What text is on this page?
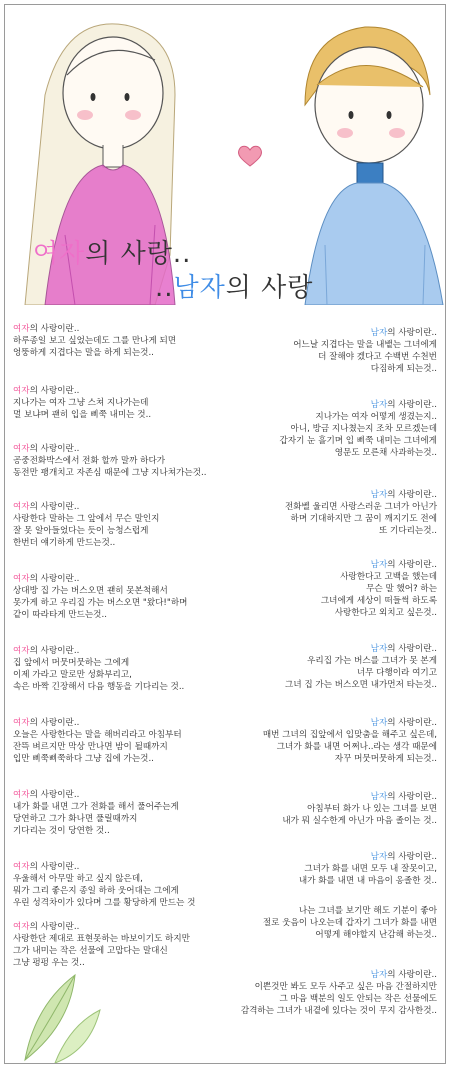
여자의 사랑..
..남자의 사랑
여자의 사랑이란..
하루종일 보고 싶었는데도 그를 만나게 되면
엉뚱하게 지겹다는 말을 하게 되는것..
남자의 사랑이란..
어느날 지겹다는 말을 내뱉는 그녀에게
더 잘해야 겠다고 수백번 수천번
다짐하게 되는것..
여자의 사랑이란..
지나가는 여자 그냥 스쳐 지나가는데
멀 보냐며 괜히 입을 삐쭉 내미는 것..
남자의 사랑이란..
지나가는 여자 어떻게 생겼는지..
아니, 방금 지나쳤는지 조차 모르겠는데
갑자기 눈 흘기며 입 삐쭉 내미는 그녀에게
영문도 모른채 사과하는것..
여자의 사랑이란..
공중전화박스에서 전화 할까 말까 하다가
동전만 팽개치고 자존심 때문에 그냥 지나쳐가는것..
남자의 사랑이란..
전화벨 울리면 사랑스러운 그녀가 아닌가
하며 기대하지만 그 꿈이 깨지기도 전에
또 기다리는것..
여자의 사랑이란..
사랑한다 말하는 그 앞에서 무슨 말인지
잘 못 알아들었다는 듯이 능청스럽게
한번더 얘기하게 만드는것..
여자의 사랑이란..
상대방 집 가는 버스오면 괜히 못본척해서
못가게 하고 우리집 가는 버스오면 "왔다!"하며
같이 따라타게 만드는것..
남자의 사랑이란..
사랑한다고 고백을 했는데
무슨 말 했어? 하는
그녀에게 세상이 떠들썩 하도록
사랑한다고 외치고 싶은것..
여자의 사랑이란..
집 앞에서 머뭇머뭇하는 그에게
이제 가라고 말로만 성화부리고,
속은 바짝 긴장해서 다음 행동을 기다리는 것..
남자의 사랑이란..
우리집 가는 버스를 그녀가 못 본게
너무 다행이라 여기고
그녀 집 가는 버스오면 내가먼저 타는것..
여자의 사랑이란..
오늘은 사랑한다는 말을 해버리라고 아침부터
잔뜩 벼르지만 막상 만나면 밤이 될때까지
입만 삐쭉삐쭉하다 그냥 집에 가는것..
남자의 사랑이란..
매번 그녀의 집앞에서 입맞춤을 해주고 싶은데,
그녀가 화를 내면 어쩌나..라는 생각 때문에
자꾸 머뭇머뭇하게 되는것..
여자의 사랑이란..
내가 화를 내면 그가 전화를 해서 풀어주는게
당연하고 그가 화나면 풀릴때까지
기다리는 것이 당연한 것..
남자의 사랑이란..
아침부터 화가 나 있는 그녀를 보면
내가 뭐 실수한게 아닌가 마음 졸이는 것..
여자의 사랑이란..
우울해서 아무말 하고 싶지 않은데,
뭐가 그리 좋은지 종일 하하 웃어대는 그에게
우린 성격차이가 있다며 그를 황당하게 만드는 것
남자의 사랑이란..
그녀가 화를 내면 모두 내 잘못이고,
내가 화를 내면 내 마음이 옹졸한 것..
나는 그녀를 보기만 해도 기분이 좋아
절로 웃음이 나오는데 갑자기 그녀가 화를 내면
어떻게 해야할지 난감해 하는것..
여자의 사랑이란..
사랑한단 제대로 표현못하는 바보이기도 하지만
그가 내미는 작은 선물에 고맙다는 말대신
그냥 펑펑 우는 것..
남자의 사랑이란..
이쁜것만 봐도 모두 사주고 싶은 마음 간절하지만
그 마음 백분의 일도 안되는 작은 선물에도
감격하는 그녀가 내곁에 있다는 것이 무지 감사한것..
